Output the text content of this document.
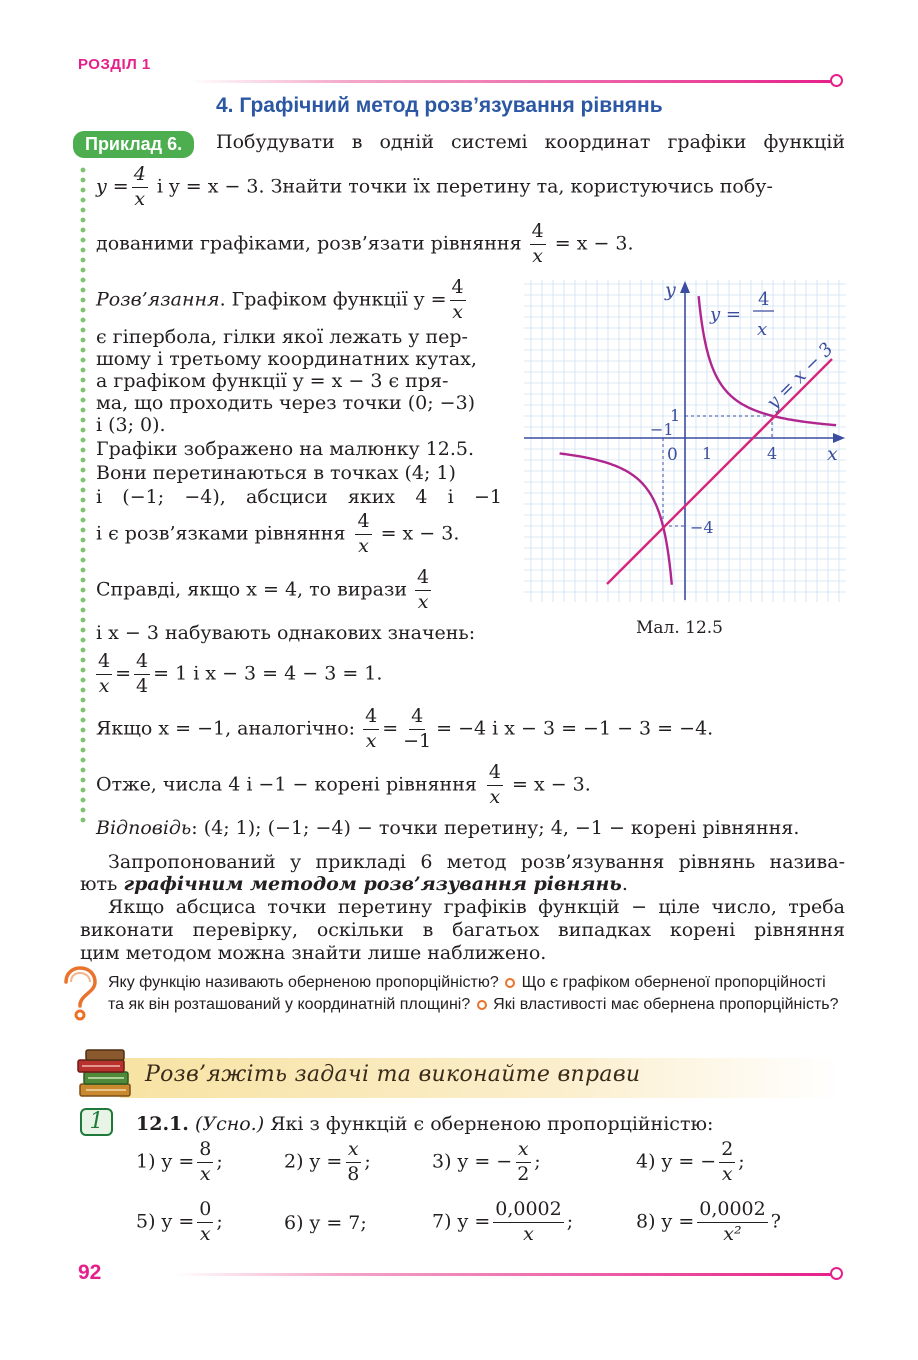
РОЗДІЛ 1
4. Графічний метод розв’язування рівнянь
Приклад 6.	Побудувати в одній системі координат графіки функцій
$y = \frac{4}{x}$ і y = x − 3. Знайти точки їх перетину та, користуючись побу-
дованими графіками, розв’язати рівняння $\frac{4}{x} = x - 3$.
Розв’язання. Графіком функції $y = \frac{4}{x}$
є гіпербола, гілки якої лежать у пер-
шому і третьому координатних кутах,
а графіком функції y = x − 3 є пря-
ма, що проходить через точки (0; −3)
і (3; 0).
Графіки зображено на малюнку 12.5.
Вони перетинаються в точках (4; 1)
і (−1; −4), абсциси яких 4 і −1
і є розв’язками рівняння $\frac{4}{x} = x - 3$.
Справді, якщо x = 4, то вирази $\frac{4}{x}$
і x − 3 набувають однакових значень:
$\frac{4}{x} = \frac{4}{4} = 1$ і x − 3 = 4 − 3 = 1.
Якщо x = −1, аналогічно: $\frac{4}{x} = \frac{4}{-1} = -4$ і x − 3 = −1 − 3 = −4.
Отже, числа 4 і −1 − корені рівняння $\frac{4}{x} = x - 3$.
Відповідь: (4; 1); (−1; −4) − точки перетину; 4, −1 − корені рівняння.
y
x
0 1	4
1
−1
−4
y =
4
x
y = x − 3
Мал. 12.5
Запропонований у прикладі 6 метод розв’язування рівнянь назива-
ють графічним методом розв’язування рівнянь.
Якщо абсциса точки перетину графіків функцій − ціле число, треба
виконати перевірку, оскільки в багатьох випадках корені рівняння
цим методом можна знайти лише наближено.
Яку функцію називають оберненою пропорційністю? Що є графіком оберненої пропорційності та як він розташований у координатній площині? Які властивості має обернена пропорційність?
Розв’яжіть задачі та виконайте вправи
1	12.1. (Усно.) Які з функцій є оберненою пропорційністю:
1) $y = \frac{8}{x}$ ;	2) $y = \frac{x}{8}$ ;	3) y = − $\frac{x}{2}$ ;	4) y = − $\frac{2}{x}$ ;
5) $y = \frac{0}{x}$ ;	6) y = 7;	7) $y = \frac{0,0002}{x}$ ;	8) $y = \frac{0,0002}{\text{x²}}$ ?
92
